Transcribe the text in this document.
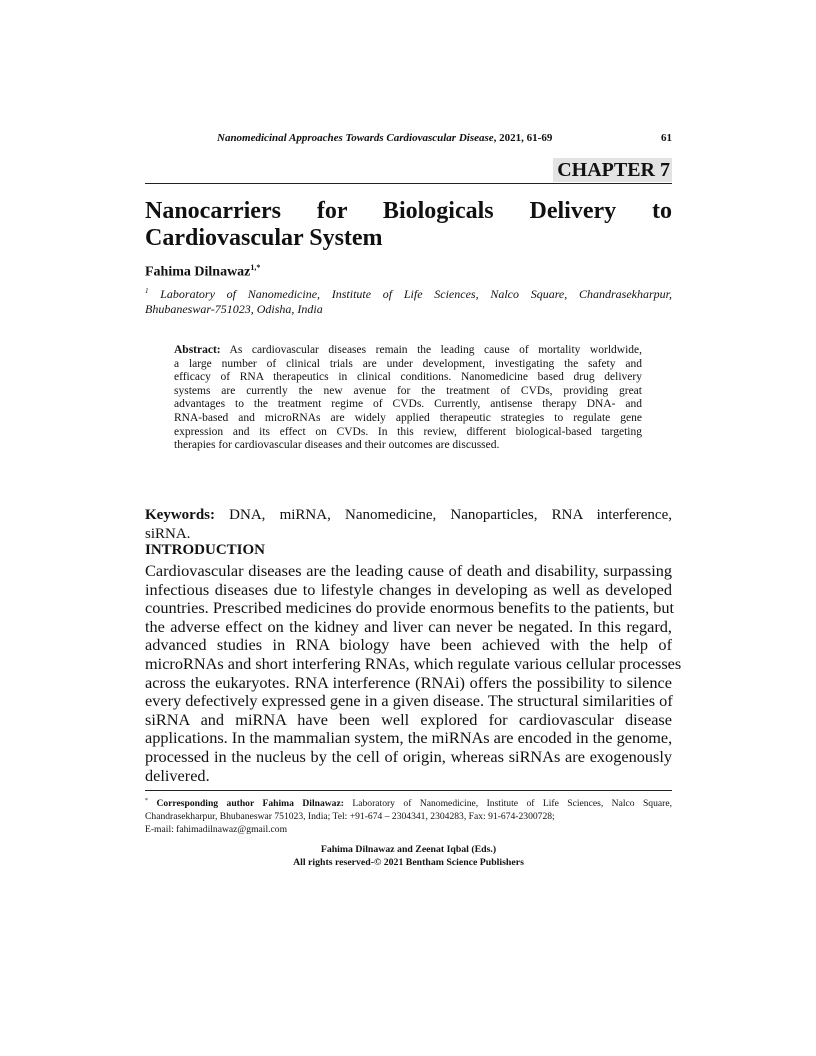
Nanomedicinal Approaches Towards Cardiovascular Disease, 2021, 61-69	61
CHAPTER 7
Nanocarriers for Biologicals Delivery to
Cardiovascular System
Fahima Dilnawaz$^{1,*}$
$^1$ Laboratory of Nanomedicine, Institute of Life Sciences, Nalco Square, Chandrasekharpur,
Bhubaneswar-751023, Odisha, India
Abstract: As cardiovascular diseases remain the leading cause of mortality worldwide,
a large number of clinical trials are under development, investigating the safety and
efficacy of RNA therapeutics in clinical conditions. Nanomedicine based drug delivery
systems are currently the new avenue for the treatment of CVDs, providing great
advantages to the treatment regime of CVDs. Currently, antisense therapy DNA- and
RNA-based and microRNAs are widely applied therapeutic strategies to regulate gene
expression and its effect on CVDs. In this review, different biological-based targeting
therapies for cardiovascular diseases and their outcomes are discussed.
Keywords: DNA, miRNA, Nanomedicine, Nanoparticles, RNA interference,
siRNA.
INTRODUCTION
Cardiovascular diseases are the leading cause of death and disability, surpassing
infectious diseases due to lifestyle changes in developing as well as developed
countries. Prescribed medicines do provide enormous benefits to the patients, but
the adverse effect on the kidney and liver can never be negated. In this regard,
advanced studies in RNA biology have been achieved with the help of
microRNAs and short interfering RNAs, which regulate various cellular processes
across the eukaryotes. RNA interference (RNAi) offers the possibility to silence
every defectively expressed gene in a given disease. The structural similarities of
siRNA and miRNA have been well explored for cardiovascular disease
applications. In the mammalian system, the miRNAs are encoded in the genome,
processed in the nucleus by the cell of origin, whereas siRNAs are exogenously
delivered.
* Corresponding author Fahima Dilnawaz: Laboratory of Nanomedicine, Institute of Life Sciences, Nalco Square,
Chandrasekharpur, Bhubaneswar 751023, India; Tel: +91-674 – 2304341, 2304283, Fax: 91-674-2300728;
E-mail: fahimadilnawaz@gmail.com
Fahima Dilnawaz and Zeenat Iqbal (Eds.)
All rights reserved-© 2021 Bentham Science Publishers
